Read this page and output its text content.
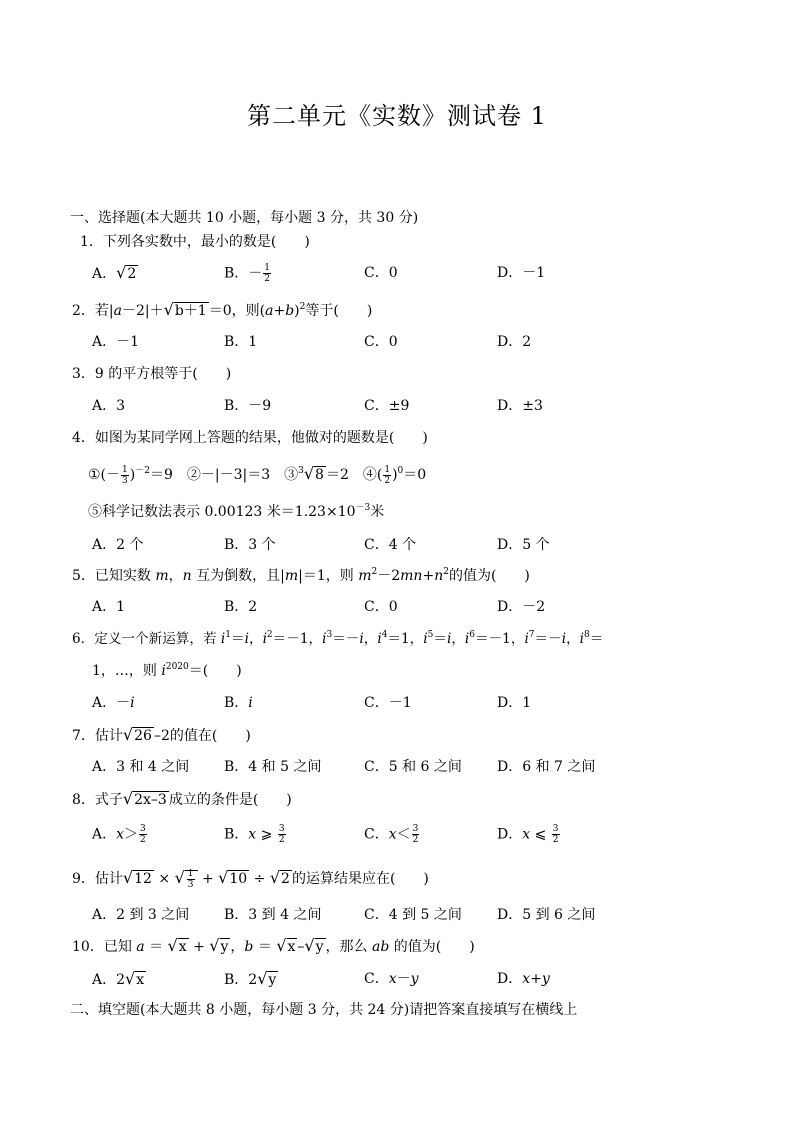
第二单元《实数》测试卷 1
一、选择题(本大题共 10 小题，每小题 3 分，共 30 分)
1．下列各实数中，最小的数是(　　)
A．√2	B．－ $\frac{1}{2}$	C．0	D．－1
2．若|a－2|＋√b＋1 ＝0，则$(a+b)^2$等于(　　)
A．－1	B．1	C．0	D．2
3．9 的平方根等于(　　)
A．3	B．－9	C．±9	D．±3
4．如图为某同学网上答题的结果，他做对的题数是(　　)
①(－ $\frac{1}{3} )^{-2}=9$　②－|－3|＝3　③$^3$√8 ＝2　④( $\frac{1}{2} )^0=0$
⑤科学记数法表示 0.00123 米$=1.23\times 10^{-3}$米
A．2 个	B．3 个	C．4 个	D．5 个
5．已知实数 m，n 互为倒数，且|m|＝1，则 $m^2-2mn+n^2$的值为(　　)
A．1	B．2	C．0	D．－2
6．定义一个新运算，若 $i^1=i$，$i^2=-1$，$i^3=-i$，$i^4=1$，$i^5=i$，$i^6=-1$，$i^7=-i$，$i^8=$
1，…，则 $i^{2020}=$(　　)
A．－i	B．i	C．－1	D．1
7．估计√26 –2的值在(　　)
A．3 和 4 之间 B．4 和 5 之间	C．5 和 6 之间	D．6 和 7 之间
8．式子√2x–3 成立的条件是(　　)
A．$x> \frac{3}{2}$	B．x ⩾ $\frac{3}{2}$	C．$x< \frac{3}{2}$	D．x ⩽ $\frac{3}{2}$
9．估计√12 × √ $\frac{1}{3} + √10 \div √2$ 的运算结果应在(　　)
A．2 到 3 之间 B．3 到 4 之间	C．4 到 5 之间	D．5 到 6 之间
10．已知 a ＝ √x + √y ，b ＝ √x –√y ，那么 ab 的值为(　　)
A．2√x	B．2√y	C．x－y	D．x+y
二、填空题(本大题共 8 小题，每小题 3 分，共 24 分)请把答案直接填写在横线上
